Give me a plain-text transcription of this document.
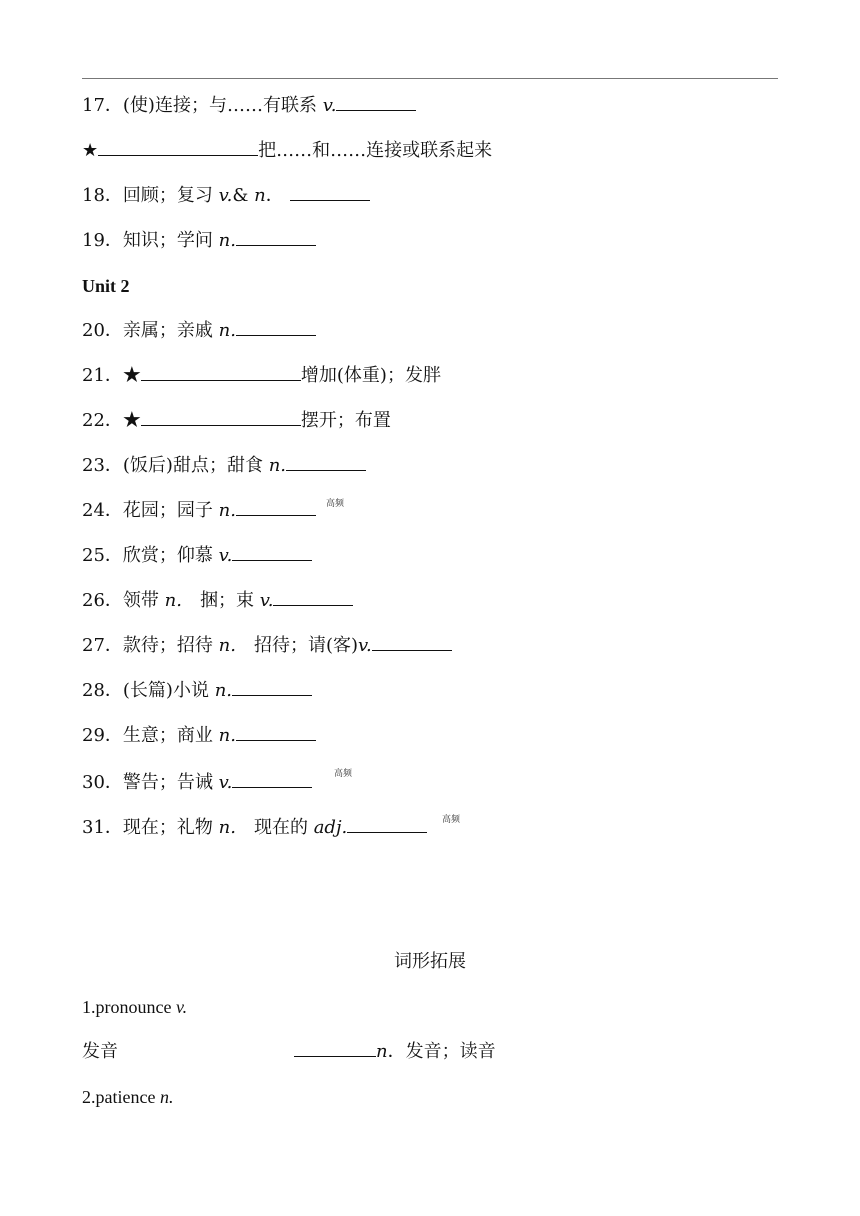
17．(使)连接；与……有联系 v.
★	把……和……连接或联系起来
18．回顾；复习 v.& n．
19．知识；学问 n.
Unit 2
20．亲属；亲戚 n.
21．★	增加(体重)；发胖
22．★	摆开；布置
23．(饭后)甜点；甜食 n.
24．花园；园子 n.	高频
25．欣赏；仰慕 v.
26．领带 n.　捆；束 v.
27．款待；招待 n.　招待；请(客)v.
28．(长篇)小说 n.
29．生意；商业 n.
30．警告；告诫 v.	高频
31．现在；礼物 n.　现在的 adj.	高频
词形拓展
1.pronounce v.
发音	n．发音；读音
2.patience n.
